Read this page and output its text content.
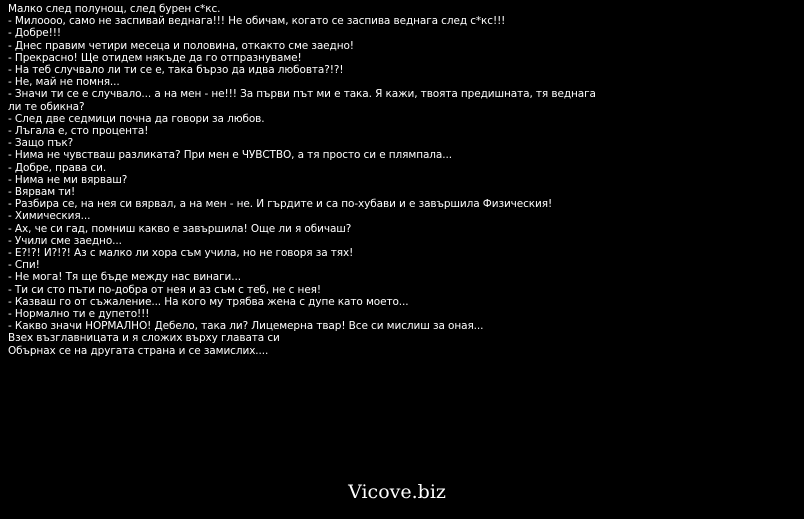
Малко след полунощ, след бурен с*кс.
- Милоооо, само не заспивай веднага!!! Не обичам, когато се заспива веднага след с*кс!!!
- Добре!!!
- Днес правим четири месеца и половина, откакто сме заедно!
- Прекрасно! Ще отидем някъде да го отпразнуваме!
- На теб случвало ли ти се е, така бързо да идва любовта?!?!
- Не, май не помня...
- Значи ти се е случвало... а на мен - не!!! За първи път ми е така. Я кажи, твоята предишната, тя веднага ли те обикна?
- След две седмици почна да говори за любов.
- Лъгала е, сто процента!
- Защо пък?
- Нима не чувстваш разликата? При мен е ЧУВСТВО, а тя просто си е плямпала...
- Добре, права си.
- Нима не ми вярваш?
- Вярвам ти!
- Разбира се, на нея си вярвал, а на мен - не. И гърдите и са по-хубави и е завършила Физическия!
- Химическия...
- Ах, че си гад, помниш какво е завършила! Още ли я обичаш?
- Учили сме заедно...
- Е?!?! И?!?! Аз с малко ли хора съм учила, но не говоря за тях!
- Спи!
- Не мога! Тя ще бъде между нас винаги...
- Ти си сто пъти по-добра от нея и аз съм с теб, не с нея!
- Казваш го от съжаление... На кого му трябва жена с дупе като моето...
- Нормално ти е дупето!!!
- Какво значи НОРМАЛНО! Дебело, така ли? Лицемерна твар! Все си мислиш за оная...
Взех възглавницата и я сложих върху главата си
Обърнах се на другата страна и се замислих....
Vicove.biz
